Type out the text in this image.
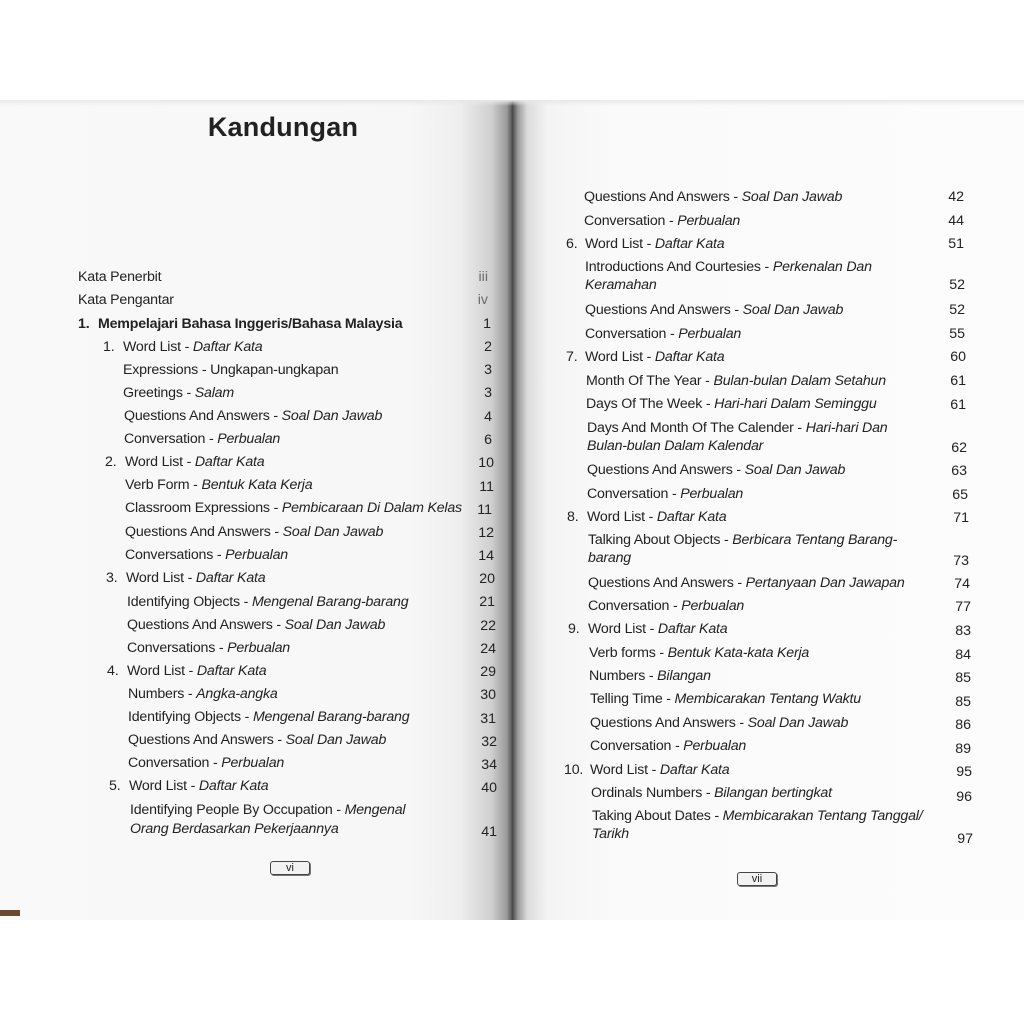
Kandungan
Kata Penerbit	iii
Kata Pengantar	iv
1. Mempelajari Bahasa Inggeris/Bahasa Malaysia	1
1. Word List - Daftar Kata	2
Expressions - Ungkapan-ungkapan	3
Greetings - Salam	3
Questions And Answers - Soal Dan Jawab	4
Conversation - Perbualan	6
2. Word List - Daftar Kata	10
Verb Form - Bentuk Kata Kerja	11
Classroom Expressions - Pembicaraan Di Dalam Kelas	11
Questions And Answers - Soal Dan Jawab	12
Conversations - Perbualan	14
3. Word List - Daftar Kata	20
Identifying Objects - Mengenal Barang-barang	21
Questions And Answers - Soal Dan Jawab	22
Conversations - Perbualan	24
4. Word List - Daftar Kata	29
Numbers - Angka-angka	30
Identifying Objects - Mengenal Barang-barang	31
Questions And Answers - Soal Dan Jawab	32
Conversation - Perbualan	34
5. Word List - Daftar Kata	40
Identifying People By Occupation - Mengenal
Orang Berdasarkan Pekerjaannya	41
Questions And Answers - Soal Dan Jawab	42
Conversation - Perbualan	44
6. Word List - Daftar Kata	51
Introductions And Courtesies - Perkenalan Dan
Keramahan	52
Questions And Answers - Soal Dan Jawab	52
Conversation - Perbualan	55
7. Word List - Daftar Kata	60
Month Of The Year - Bulan-bulan Dalam Setahun	61
Days Of The Week - Hari-hari Dalam Seminggu	61
Days And Month Of The Calender - Hari-hari Dan
Bulan-bulan Dalam Kalendar	62
Questions And Answers - Soal Dan Jawab	63
Conversation - Perbualan	65
8. Word List - Daftar Kata	71
Talking About Objects - Berbicara Tentang Barang-
barang	73
Questions And Answers - Pertanyaan Dan Jawapan	74
Conversation - Perbualan	77
9. Word List - Daftar Kata	83
Verb forms - Bentuk Kata-kata Kerja	84
Numbers - Bilangan	85
Telling Time - Membicarakan Tentang Waktu	85
Questions And Answers - Soal Dan Jawab	86
Conversation - Perbualan	89
10. Word List - Daftar Kata	95
Ordinals Numbers - Bilangan bertingkat	96
Taking About Dates - Membicarakan Tentang Tanggal/
Tarikh	97
vi
vii
